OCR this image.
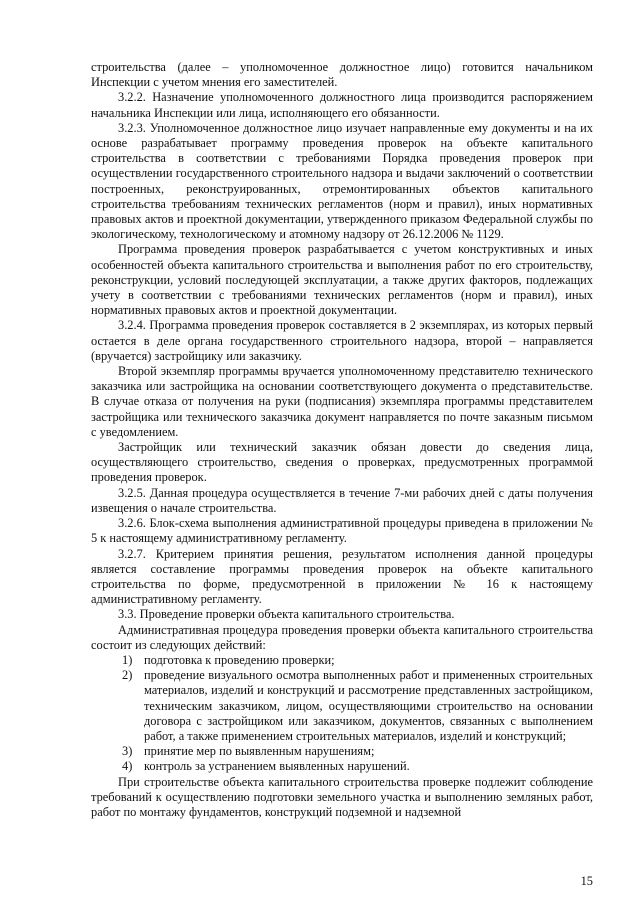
строительства (далее – уполномоченное должностное лицо) готовится начальником Инспекции с учетом мнения его заместителей.

3.2.2. Назначение уполномоченного должностного лица производится распоряжением начальника Инспекции или лица, исполняющего его обязанности.

3.2.3. Уполномоченное должностное лицо изучает направленные ему документы и на их основе разрабатывает программу проведения проверок на объекте капитального строительства в соответствии с требованиями Порядка проведения проверок при осуществлении государственного строительного надзора и выдачи заключений о соответствии построенных, реконструированных, отремонтированных объектов капитального строительства требованиям технических регламентов (норм и правил), иных нормативных правовых актов и проектной документации, утвержденного приказом Федеральной службы по экологическому, технологическому и атомному надзору от 26.12.2006 № 1129.

Программа проведения проверок разрабатывается с учетом конструктивных и иных особенностей объекта капитального строительства и выполнения работ по его строительству, реконструкции, условий последующей эксплуатации, а также других факторов, подлежащих учету в соответствии с требованиями технических регламентов (норм и правил), иных нормативных правовых актов и проектной документации.

3.2.4. Программа проведения проверок составляется в 2 экземплярах, из которых первый остается в деле органа государственного строительного надзора, второй – направляется (вручается) застройщику или заказчику.

Второй экземпляр программы вручается уполномоченному представителю технического заказчика или застройщика на основании соответствующего документа о представительстве. В случае отказа от получения на руки (подписания) экземпляра программы представителем застройщика или технического заказчика документ направляется по почте заказным письмом с уведомлением.

Застройщик или технический заказчик обязан довести до сведения лица, осуществляющего строительство, сведения о проверках, предусмотренных программой проведения проверок.

3.2.5. Данная процедура осуществляется в течение 7-ми рабочих дней с даты получения извещения о начале строительства.

3.2.6. Блок-схема выполнения административной процедуры приведена в приложении № 5 к настоящему административному регламенту.

3.2.7. Критерием принятия решения, результатом исполнения данной процедуры является составление программы проведения проверок на объекте капитального строительства по форме, предусмотренной в приложении № 16 к настоящему административному регламенту.

3.3. Проведение проверки объекта капитального строительства.

Административная процедура проведения проверки объекта капитального строительства состоит из следующих действий:

1) подготовка к проведению проверки;
2) проведение визуального осмотра выполненных работ и примененных строительных материалов, изделий и конструкций и рассмотрение представленных застройщиком, техническим заказчиком, лицом, осуществляющими строительство на основании договора с застройщиком или заказчиком, документов, связанных с выполнением работ, а также применением строительных материалов, изделий и конструкций;
3) принятие мер по выявленным нарушениям;
4) контроль за устранением выявленных нарушений.

При строительстве объекта капитального строительства проверке подлежит соблюдение требований к осуществлению подготовки земельного участка и выполнению земляных работ, работ по монтажу фундаментов, конструкций подземной и надземной

15
